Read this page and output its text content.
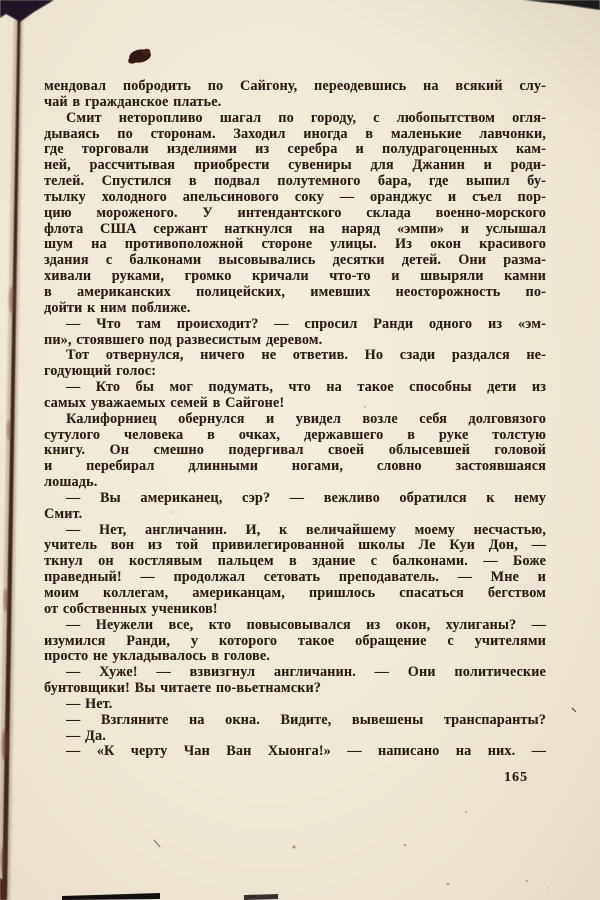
мендовал побродить по Сайгону, переодевшись на всякий слу-
чай в гражданское платье.
Смит неторопливо шагал по городу, с любопытством огля-
дываясь по сторонам. Заходил иногда в маленькие лавчонки,
где торговали изделиями из серебра и полудрагоценных кам-
ней, рассчитывая приобрести сувениры для Джанин и роди-
телей. Спустился в подвал полутемного бара, где выпил бу-
тылку холодного апельсинового соку — оранджус и съел пор-
цию мороженого. У интендантского склада военно-морского
флота США сержант наткнулся на наряд «эмпи» и услышал
шум на противоположной стороне улицы. Из окон красивого
здания с балконами высовывались десятки детей. Они разма-
хивали руками, громко кричали что-то и швыряли камни
в американских полицейских, имевших неосторожность по-
дойти к ним поближе.
— Что там происходит? — спросил Ранди одного из «эм-
пи», стоявшего под развесистым деревом.
Тот отвернулся, ничего не ответив. Но сзади раздался не-
годующий голос:
— Кто бы мог подумать, что на такое способны дети из
самых уважаемых семей в Сайгоне!
Калифорниец обернулся и увидел возле себя долговязого
сутулого человека в очках, державшего в руке толстую
книгу. Он смешно подергивал своей облысевшей головой
и перебирал длинными ногами, словно застоявшаяся
лошадь.
— Вы американец, сэр? — вежливо обратился к нему
Смит.
— Нет, англичанин. И, к величайшему моему несчастью,
учитель вон из той привилегированной школы Ле Куи Дон, —
ткнул он костлявым пальцем в здание с балконами. — Боже
праведный! — продолжал сетовать преподаватель. — Мне и
моим коллегам, американцам, пришлось спасаться бегством
от собственных учеников!
— Неужели все, кто повысовывался из окон, хулиганы? —
изумился Ранди, у которого такое обращение с учителями
просто не укладывалось в голове.
— Хуже! — взвизгнул англичанин. — Они политические
бунтовщики! Вы читаете по-вьетнамски?
— Нет.
— Взгляните на окна. Видите, вывешены транспаранты?
— Да.
— «К черту Чан Ван Хыонга!» — написано на них. —
165
